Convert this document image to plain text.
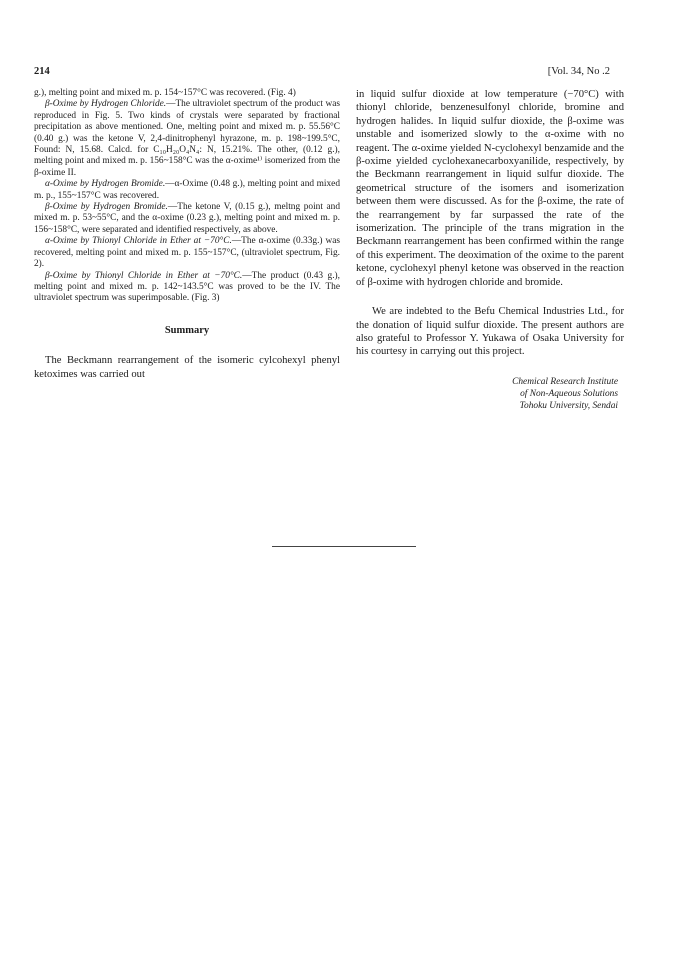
214	[Vol. 34, No .2

g.), melting point and mixed m. p. 154~157°C was recovered. (Fig. 4)

β-Oxime by Hydrogen Chloride.—The ultraviolet spectrum of the product was reproduced in Fig. 5. Two kinds of crystals were separated by fractional precipitation as above mentioned. One, melting point and mixed m. p. 55.56°C (0.40 g.) was the ketone V, 2,4-dinitrophenyl hyrazone, m. p. 198~199.5°C, Found: N, 15.68. Calcd. for C₁₀H₂₀O₄N₄: N, 15.21%. The other, (0.12 g.), melting point and mixed m. p. 156~158°C was the α-oxime¹⁾ isomerized from the β-oxime II.

α-Oxime by Hydrogen Bromide.—α-Oxime (0.48 g.), melting point and mixed m. p., 155~157°C was recovered.

β-Oxime by Hydrogen Bromide.—The ketone V, (0.15 g.), meltng point and mixed m. p. 53~55°C, and the α-oxime (0.23 g.), melting point and mixed m. p. 156~158°C, were separated and identified respectively, as above.

α-Oxime by Thionyl Chloride in Ether at −70°C.—The α-oxime (0.33g.) was recovered, melting point and mixed m. p. 155~157°C, (ultraviolet spectrum, Fig. 2).

β-Oxime by Thionyl Chloride in Ether at −70°C.—The product (0.43 g.), melting point and mixed m. p. 142~143.5°C was proved to be the IV. The ultraviolet spectrum was superimposable. (Fig. 3)

Summary

The Beckmann rearrangement of the isomeric cylcohexyl phenyl ketoximes was carried out

in liquid sulfur dioxide at low temperature (−70°C) with thionyl chloride, benzenesulfonyl chloride, bromine and hydrogen halides. In liquid sulfur dioxide, the β-oxime was unstable and isomerized slowly to the α-oxime with no reagent. The α-oxime yielded N-cyclohexyl benzamide and the β-oxime yielded cyclohexanecarboxyanilide, respectively, by the Beckmann rearrangement in liquid sulfur dioxide. The geometrical structure of the isomers and isomerization between them were discussed. As for the β-oxime, the rate of the rearrangement by far surpassed the rate of the isomerization. The principle of the trans migration in the Beckmann rearrangement has been confirmed within the range of this experiment. The deoximation of the oxime to the parent ketone, cyclohexyl phenyl ketone was observed in the reaction of β-oxime with hydrogen chloride and bromide.

We are indebted to the Befu Chemical Industries Ltd., for the donation of liquid sulfur dioxide. The present authors are also grateful to Professor Y. Yukawa of Osaka University for his courtesy in carrying out this project.

Chemical Research Institute
of Non-Aqueous Solutions
Tohoku University, Sendai
